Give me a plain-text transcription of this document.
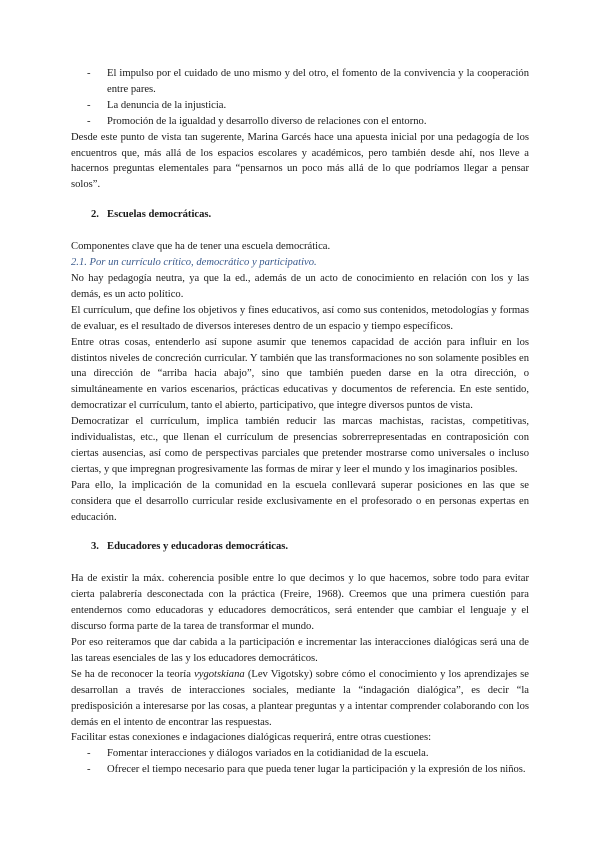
- El impulso por el cuidado de uno mismo y del otro, el fomento de la convivencia y la cooperación entre pares.
- La denuncia de la injusticia.
- Promoción de la igualdad y desarrollo diverso de relaciones con el entorno.

Desde este punto de vista tan sugerente, Marina Garcés hace una apuesta inicial por una pedagogía de los encuentros que, más allá de los espacios escolares y académicos, pero también desde ahí, nos lleve a hacernos preguntas elementales para “pensarnos un poco más allá de lo que podríamos llegar a pensar solos”.

2. Escuelas democráticas.

Componentes clave que ha de tener una escuela democrática.

2.1. Por un currículo crítico, democrático y participativo.

No hay pedagogía neutra, ya que la ed., además de un acto de conocimiento en relación con los y las demás, es un acto político.

El currículum, que define los objetivos y fines educativos, así como sus contenidos, metodologías y formas de evaluar, es el resultado de diversos intereses dentro de un espacio y tiempo específicos.

Entre otras cosas, entenderlo así supone asumir que tenemos capacidad de acción para influir en los distintos niveles de concreción curricular. Y también que las transformaciones no son solamente posibles en una dirección de “arriba hacia abajo”, sino que también pueden darse en la otra dirección, o simultáneamente en varios escenarios, prácticas educativas y documentos de referencia. En este sentido, democratizar el currículum, tanto el abierto, participativo, que integre diversos puntos de vista.

Democratizar el currículum, implica también reducir las marcas machistas, racistas, competitivas, individualistas, etc., que llenan el currículum de presencias sobrerrepresentadas en contraposición con ciertas ausencias, así como de perspectivas parciales que pretender mostrarse como universales o incluso ciertas, y que impregnan progresivamente las formas de mirar y leer el mundo y los imaginarios posibles.

Para ello, la implicación de la comunidad en la escuela conllevará superar posiciones en las que se considera que el desarrollo curricular reside exclusivamente en el profesorado o en personas expertas en educación.

3. Educadores y educadoras democráticas.

Ha de existir la máx. coherencia posible entre lo que decimos y lo que hacemos, sobre todo para evitar cierta palabrería desconectada con la práctica (Freire, 1968). Creemos que una primera cuestión para entendernos como educadoras y educadores democráticos, será entender que cambiar el lenguaje y el discurso forma parte de la tarea de transformar el mundo.

Por eso reiteramos que dar cabida a la participación e incrementar las interacciones dialógicas será una de las tareas esenciales de las y los educadores democráticos.

Se ha de reconocer la teoría vygotskiana (Lev Vigotsky) sobre cómo el conocimiento y los aprendizajes se desarrollan a través de interacciones sociales, mediante la “indagación dialógica”, es decir “la predisposición a interesarse por las cosas, a plantear preguntas y a intentar comprender colaborando con los demás en el intento de encontrar las respuestas.

Facilitar estas conexiones e indagaciones dialógicas requerirá, entre otras cuestiones:

- Fomentar interacciones y diálogos variados en la cotidianidad de la escuela.
- Ofrecer el tiempo necesario para que pueda tener lugar la participación y la expresión de los niños.
